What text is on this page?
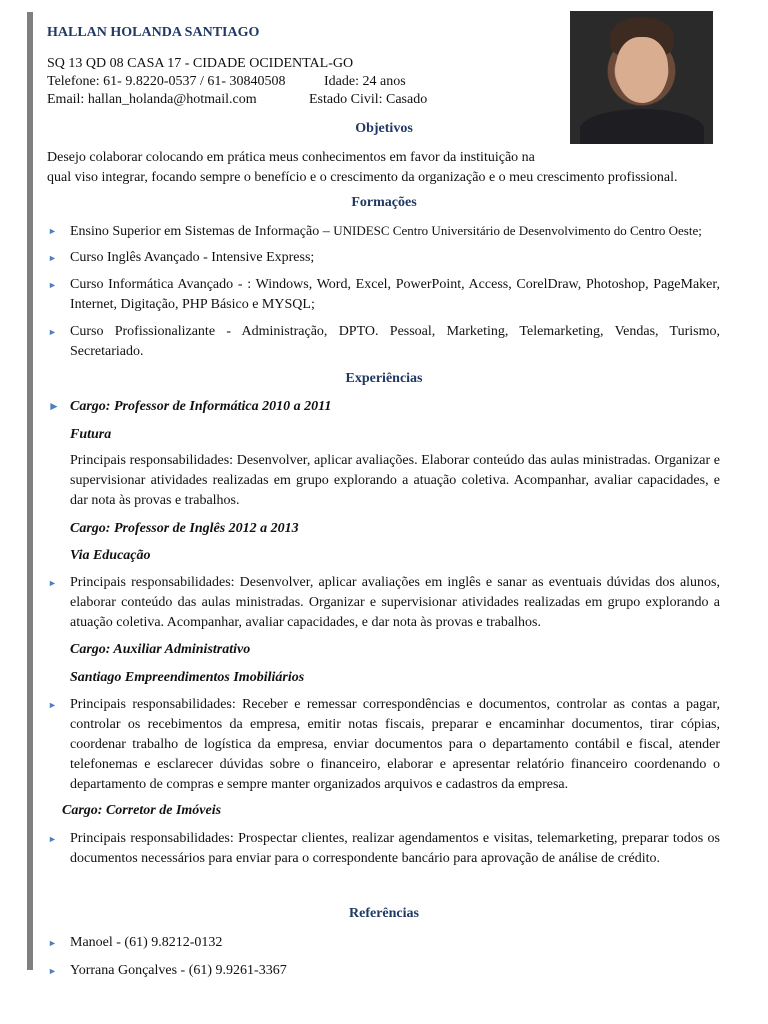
HALLAN HOLANDA SANTIAGO
SQ 13 QD 08 CASA 17 - CIDADE OCIDENTAL-GO
Telefone: 61- 9.8220-0537 / 61- 30840508	Idade: 24 anos
Email: hallan_holanda@hotmail.com	Estado Civil: Casado
Objetivos
Desejo colaborar colocando em prática meus conhecimentos em favor da instituição na
qual viso integrar, focando sempre o benefício e o crescimento da organização e o meu crescimento profissional.
Formações
► Ensino Superior em Sistemas de Informação – UNIDESC Centro Universitário de Desenvolvimento do Centro Oeste;
► Curso Inglês Avançado - Intensive Express;
► Curso Informática Avançado - : Windows, Word, Excel, PowerPoint, Access, CorelDraw, Photoshop, PageMaker, Internet, Digitação, PHP Básico e MYSQL;
► Curso Profissionalizante - Administração, DPTO. Pessoal, Marketing, Telemarketing, Vendas, Turismo, Secretariado.
Experiências
► Cargo: Professor de Informática 2010 a 2011
Futura
Principais responsabilidades: Desenvolver, aplicar avaliações. Elaborar conteúdo das aulas ministradas. Organizar e supervisionar atividades realizadas em grupo explorando a atuação coletiva. Acompanhar, avaliar capacidades, e dar nota às provas e trabalhos.
Cargo: Professor de Inglês 2012 a 2013
Via Educação
► Principais responsabilidades: Desenvolver, aplicar avaliações em inglês e sanar as eventuais dúvidas dos alunos, elaborar conteúdo das aulas ministradas. Organizar e supervisionar atividades realizadas em grupo explorando a atuação coletiva. Acompanhar, avaliar capacidades, e dar nota às provas e trabalhos.
Cargo: Auxiliar Administrativo
Santiago Empreendimentos Imobiliários
► Principais responsabilidades: Receber e remessar correspondências e documentos, controlar as contas a pagar, controlar os recebimentos da empresa, emitir notas fiscais, preparar e encaminhar documentos, tirar cópias, coordenar trabalho de logística da empresa, enviar documentos para o departamento contábil e fiscal, atender telefonemas e esclarecer dúvidas sobre o financeiro, elaborar e apresentar relatório financeiro coordenando o departamento de compras e sempre manter organizados arquivos e cadastros da empresa.
Cargo: Corretor de Imóveis
► Principais responsabilidades: Prospectar clientes, realizar agendamentos e visitas, telemarketing, preparar todos os documentos necessários para enviar para o correspondente bancário para aprovação de análise de crédito.
Referências
► Manoel - (61) 9.8212-0132
► Yorrana Gonçalves - (61) 9.9261-3367
